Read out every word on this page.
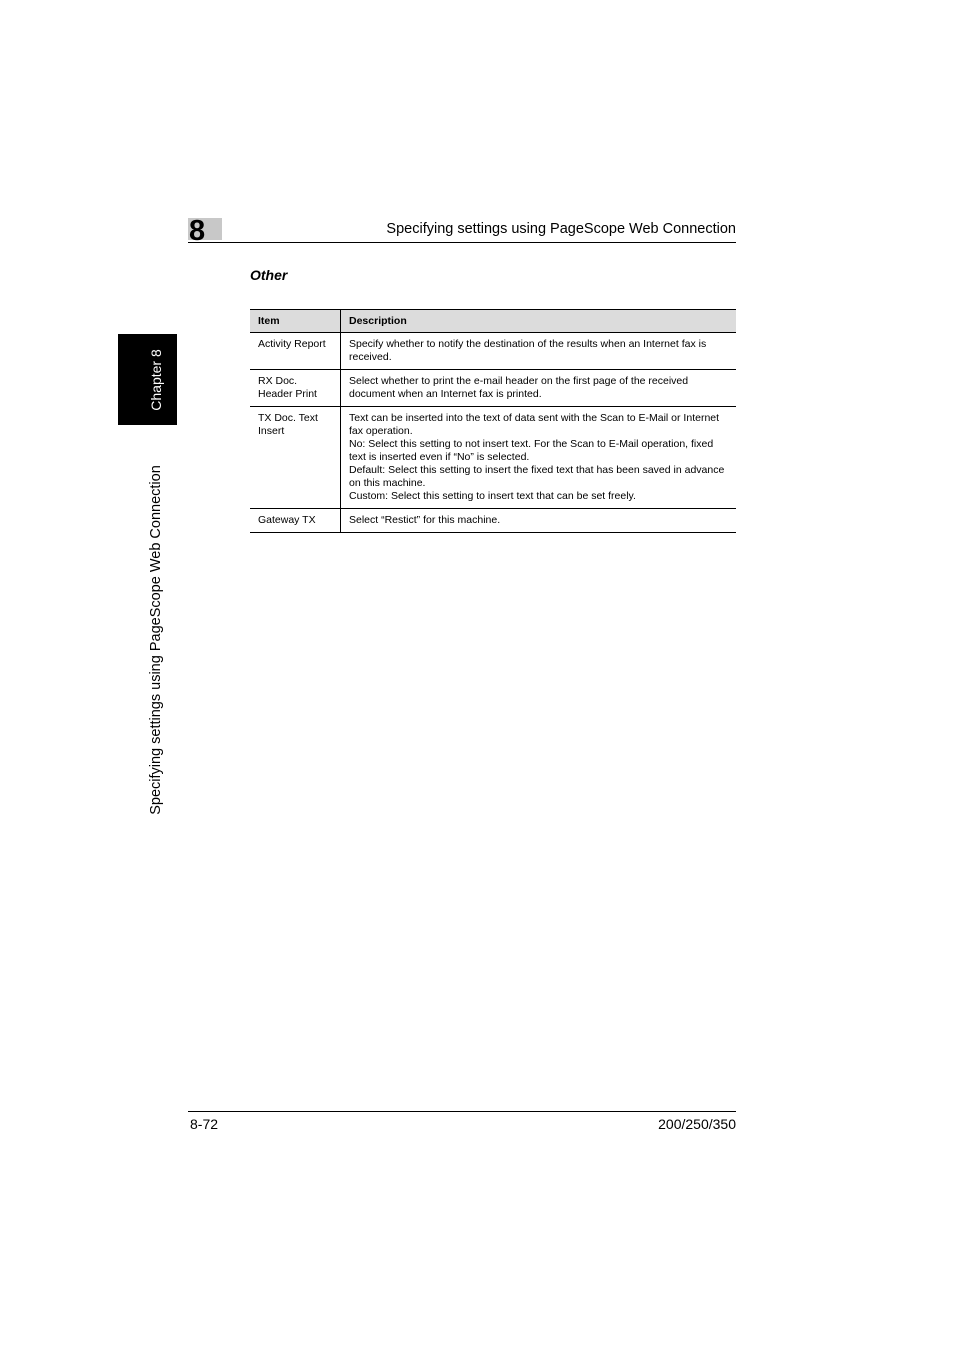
8	Specifying settings using PageScope Web Connection
Chapter 8
Specifying settings using PageScope Web Connection
Other
Item	Description
Activity Report	Specify whether to notify the destination of the results when an Internet fax is received.

RX Doc. Header Print	Select whether to print the e-mail header on the first page of the received document when an Internet fax is printed.

TX Doc. Text Insert	Text can be inserted into the text of data sent with the Scan to E-Mail or Internet fax operation.
No: Select this setting to not insert text. For the Scan to E-Mail operation, fixed text is inserted even if “No” is selected.
Default: Select this setting to insert the fixed text that has been saved in advance on this machine.
Custom: Select this setting to insert text that can be set freely.

Gateway TX	Select “Restict” for this machine.
8-72	200/250/350
